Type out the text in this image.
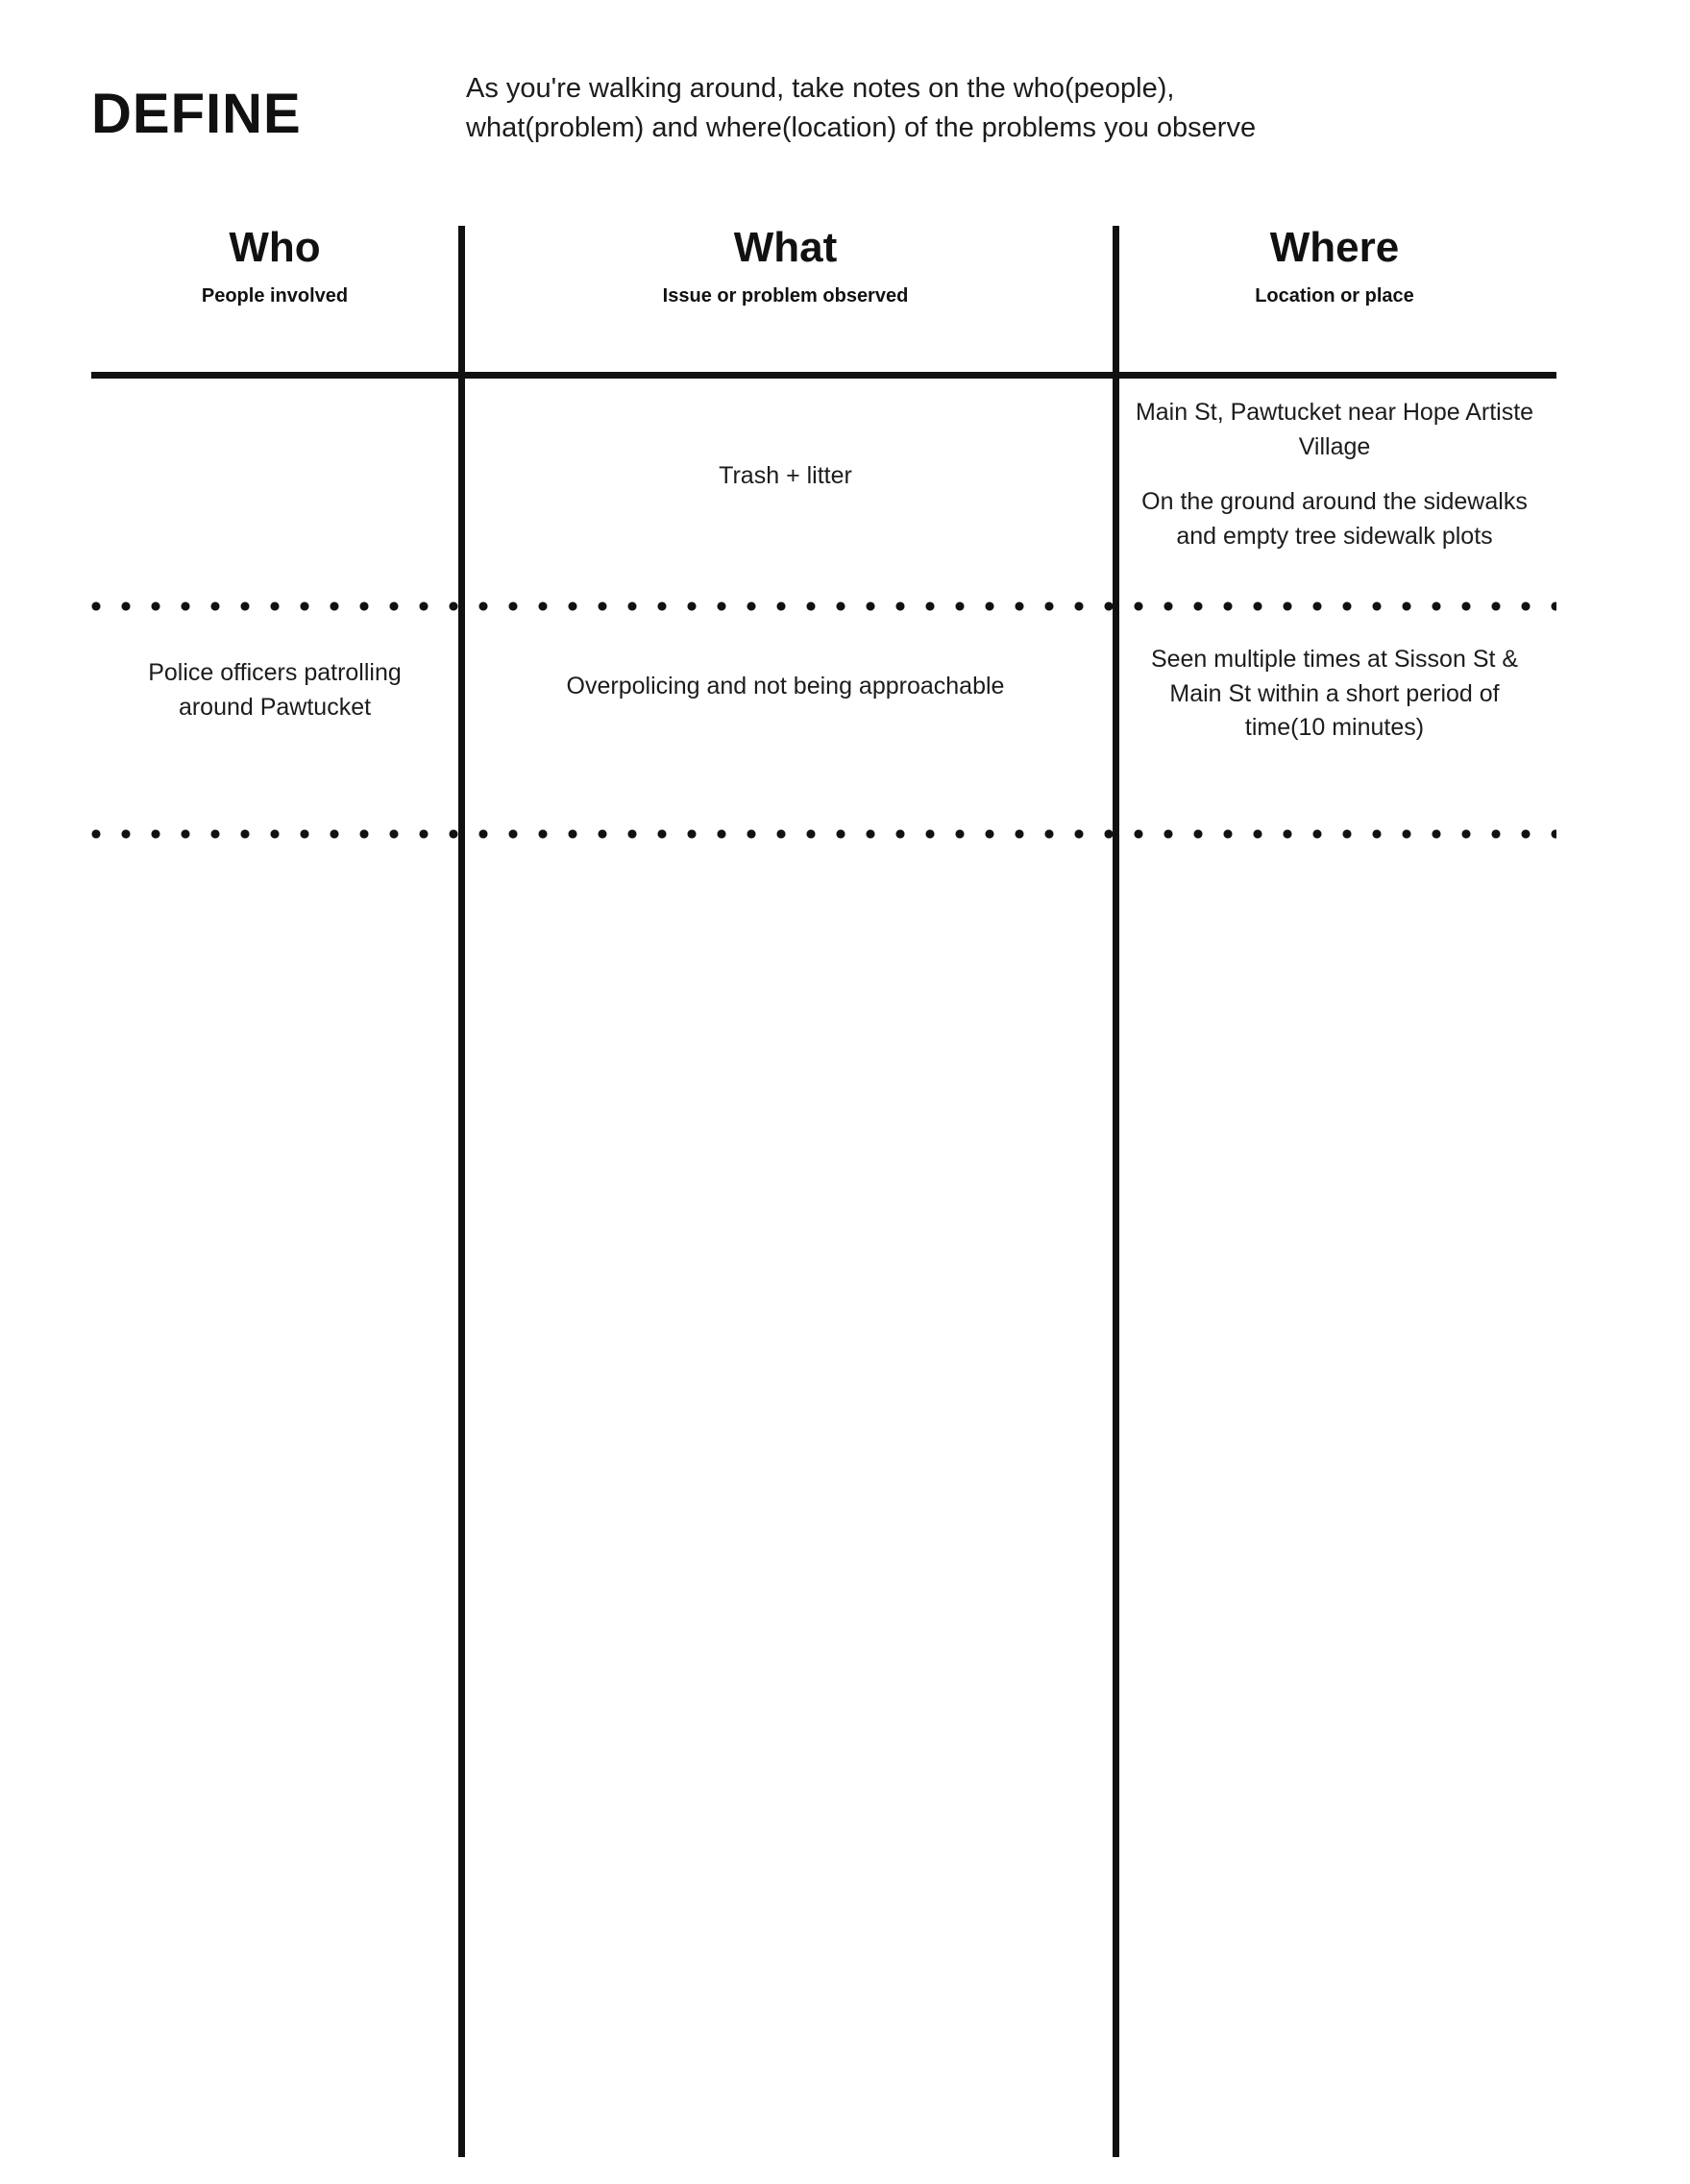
DEFINE	As you're walking around, take notes on the who(people),
what(problem) and where(location) of the problems you observe
Who
People involved
What
Issue or problem observed
Where
Location or place

Trash + litter

Main St, Pawtucket near Hope Artiste Village

On the ground around the sidewalks and empty tree sidewalk plots

Police officers patrolling around Pawtucket

Overpolicing and not being approachable

Seen multiple times at Sisson St & Main St within a short period of time(10 minutes)
